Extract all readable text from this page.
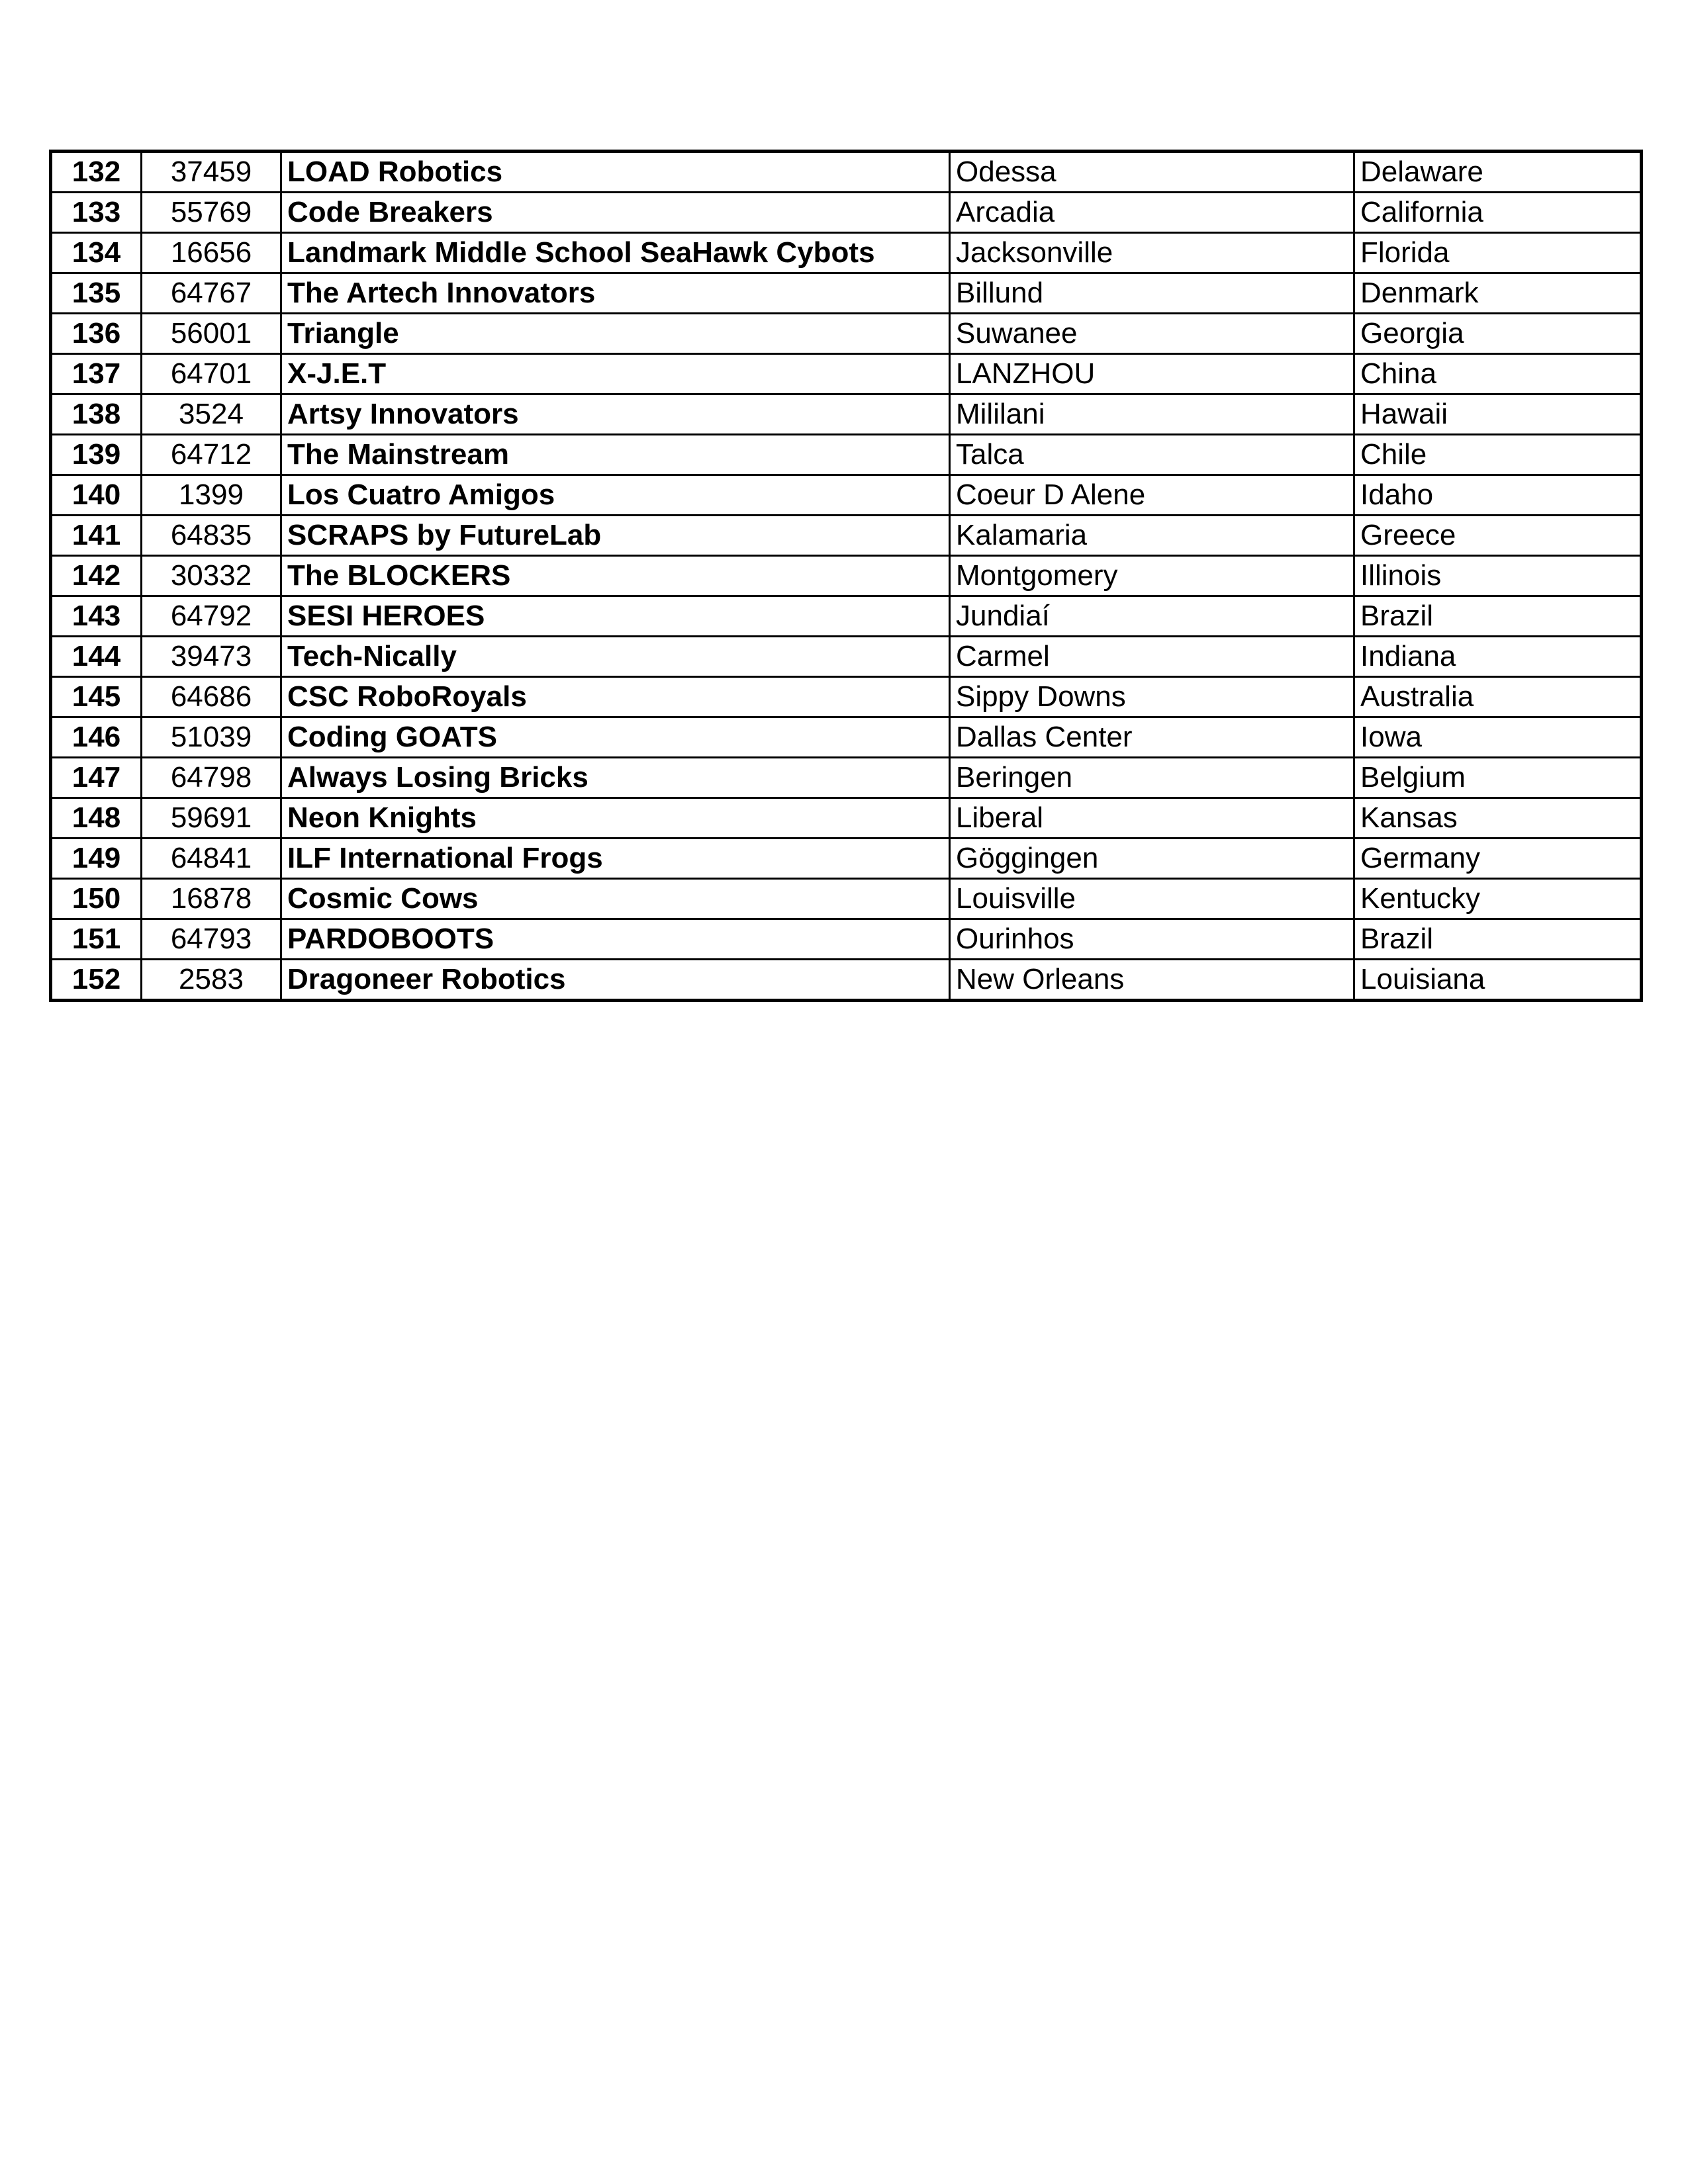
132	37459	LOAD Robotics	Odessa	Delaware
133	55769	Code Breakers	Arcadia	California
134	16656	Landmark Middle School SeaHawk Cybots	Jacksonville	Florida
135	64767	The Artech Innovators	Billund	Denmark
136	56001	Triangle	Suwanee	Georgia
137	64701	X-J.E.T	LANZHOU	China
138	3524	Artsy Innovators	Mililani	Hawaii
139	64712	The Mainstream	Talca	Chile
140	1399	Los Cuatro Amigos	Coeur D Alene	Idaho
141	64835	SCRAPS by FutureLab	Kalamaria	Greece
142	30332	The BLOCKERS	Montgomery	Illinois
143	64792	SESI HEROES	Jundiaí	Brazil
144	39473	Tech-Nically	Carmel	Indiana
145	64686	CSC RoboRoyals	Sippy Downs	Australia
146	51039	Coding GOATS	Dallas Center	Iowa
147	64798	Always Losing Bricks	Beringen	Belgium
148	59691	Neon Knights	Liberal	Kansas
149	64841	ILF International Frogs	Göggingen	Germany
150	16878	Cosmic Cows	Louisville	Kentucky
151	64793	PARDOBOOTS	Ourinhos	Brazil
152	2583	Dragoneer Robotics	New Orleans	Louisiana
